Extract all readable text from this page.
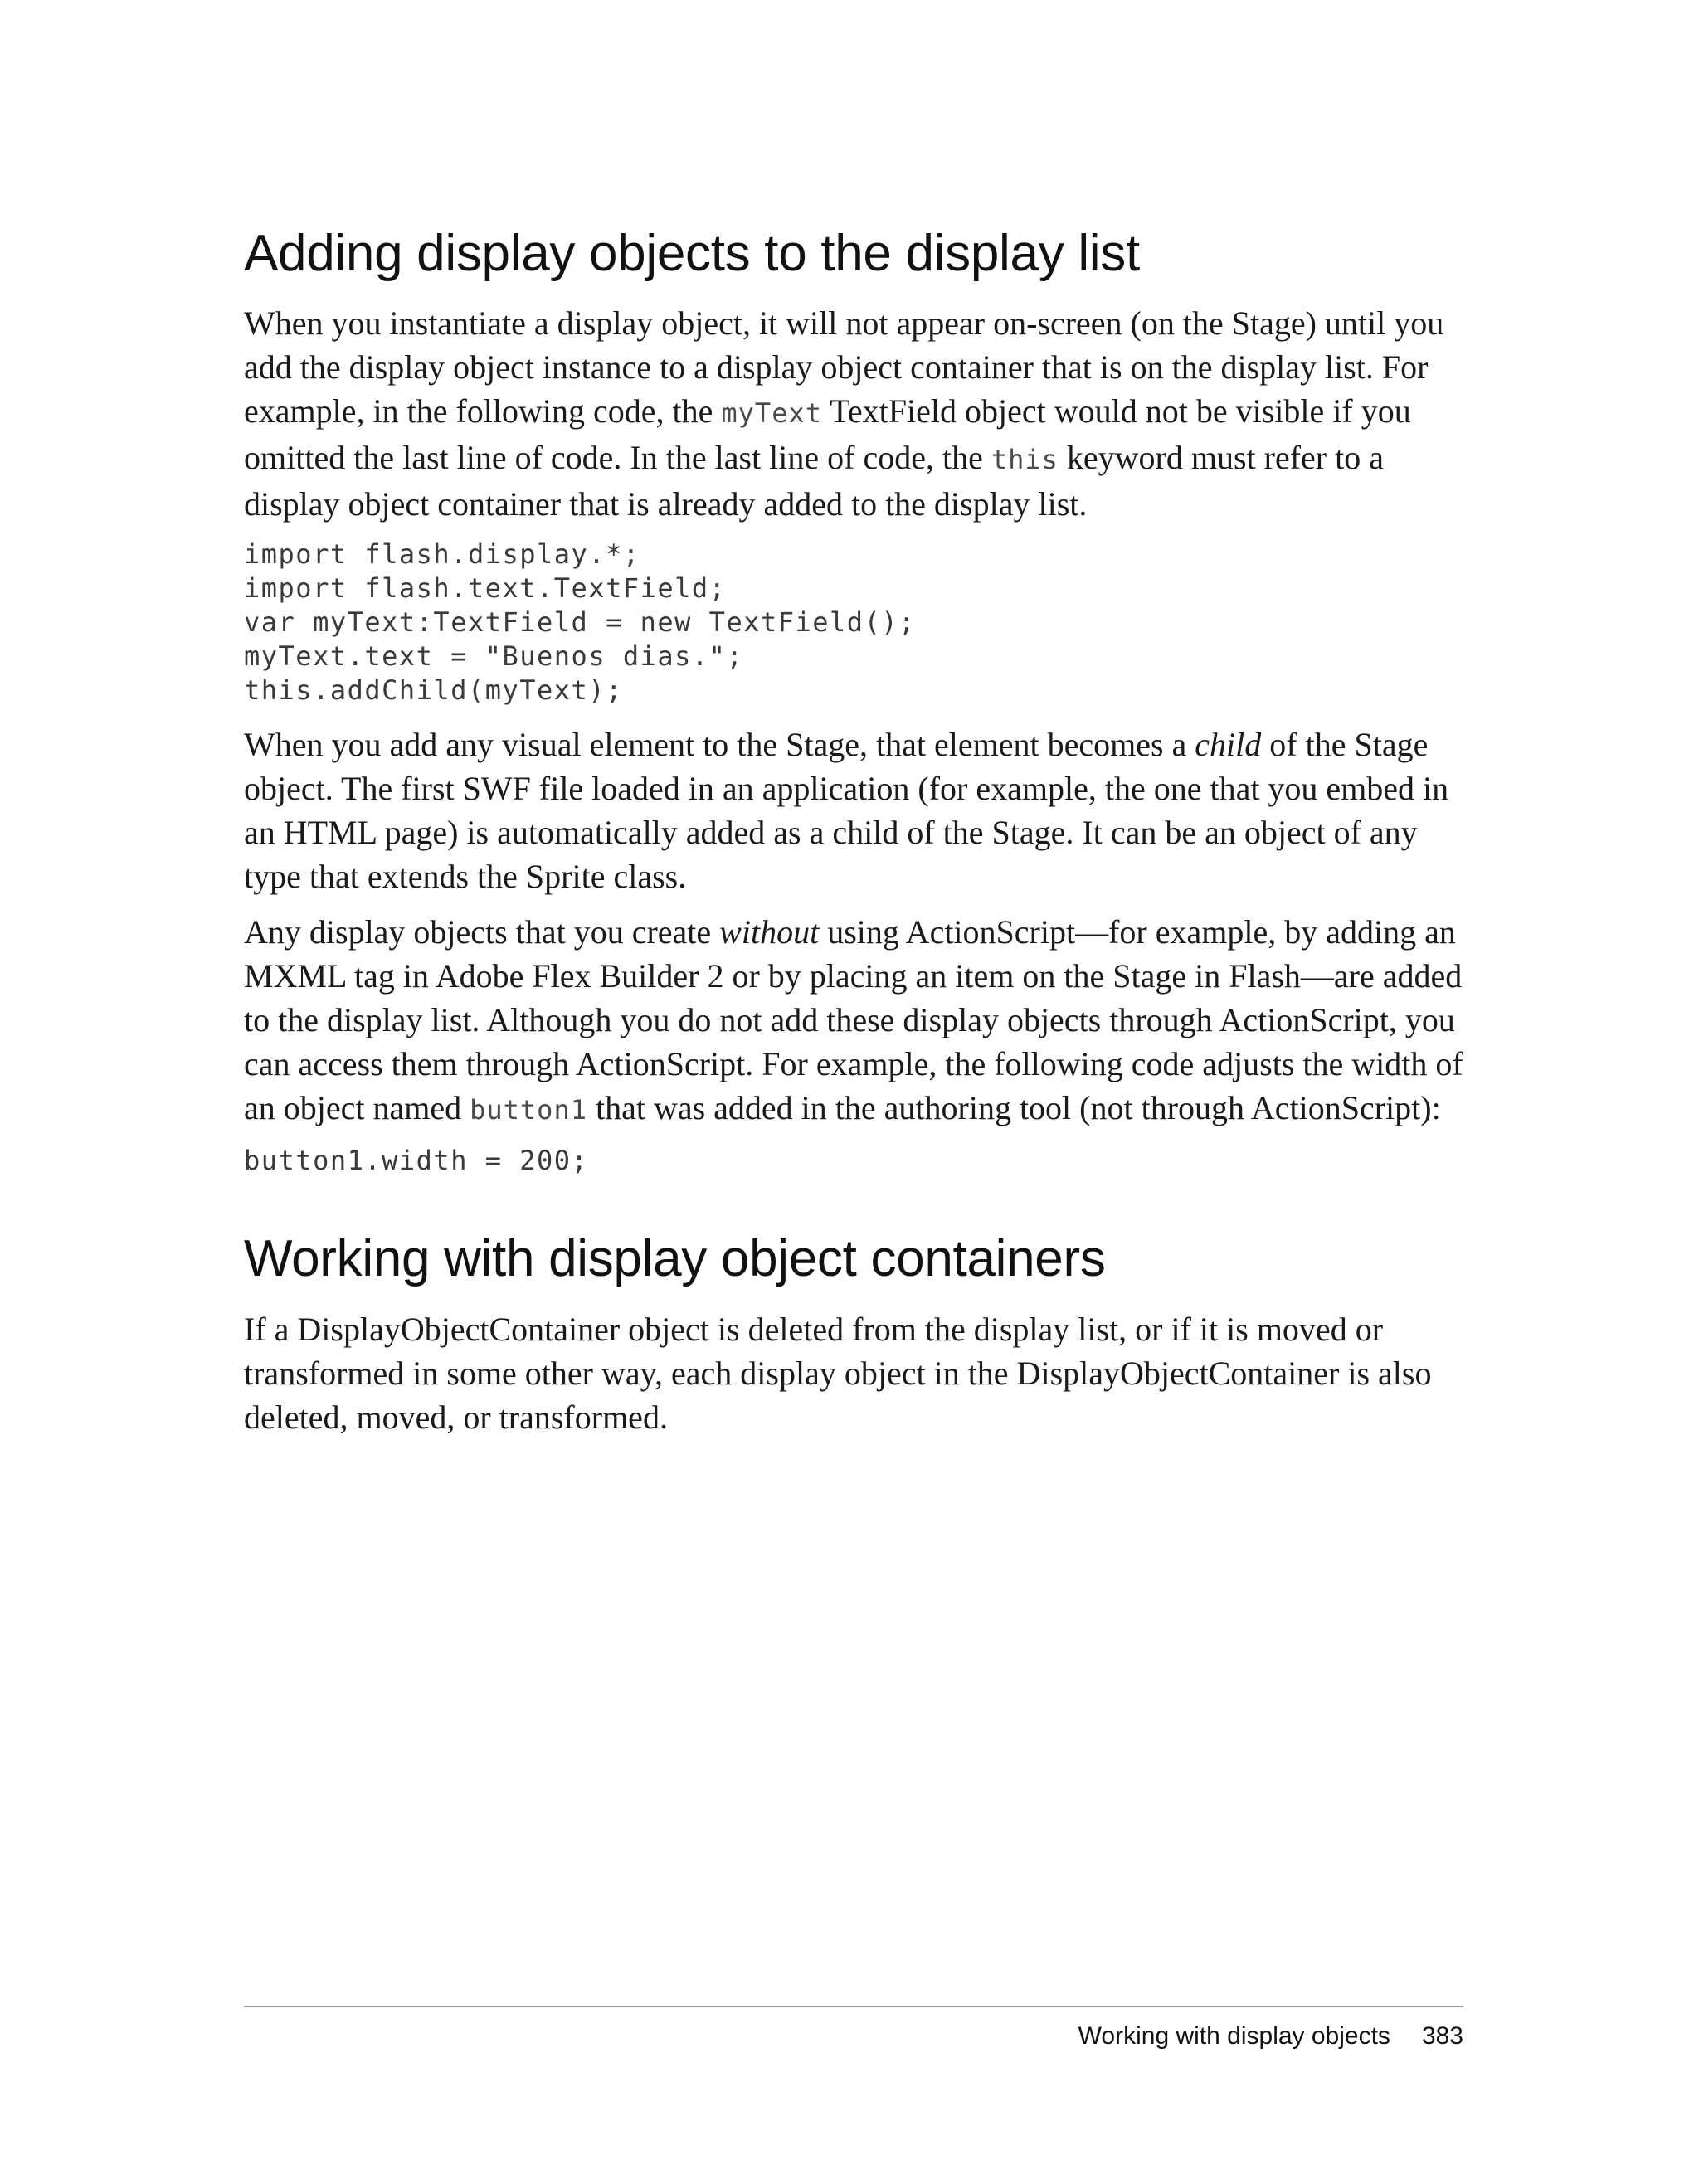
Adding display objects to the display list

When you instantiate a display object, it will not appear on-screen (on the Stage) until you add the display object instance to a display object container that is on the display list. For example, in the following code, the myText TextField object would not be visible if you omitted the last line of code. In the last line of code, the this keyword must refer to a display object container that is already added to the display list.

import flash.display.*;
import flash.text.TextField;
var myText:TextField = new TextField();
myText.text = "Buenos dias.";
this.addChild(myText);

When you add any visual element to the Stage, that element becomes a child of the Stage object. The first SWF file loaded in an application (for example, the one that you embed in an HTML page) is automatically added as a child of the Stage. It can be an object of any type that extends the Sprite class.

Any display objects that you create without using ActionScript—for example, by adding an MXML tag in Adobe Flex Builder 2 or by placing an item on the Stage in Flash—are added to the display list. Although you do not add these display objects through ActionScript, you can access them through ActionScript. For example, the following code adjusts the width of an object named button1 that was added in the authoring tool (not through ActionScript):

button1.width = 200;
Working with display object containers

If a DisplayObjectContainer object is deleted from the display list, or if it is moved or transformed in some other way, each display object in the DisplayObjectContainer is also deleted, moved, or transformed.

Working with display objects 383
